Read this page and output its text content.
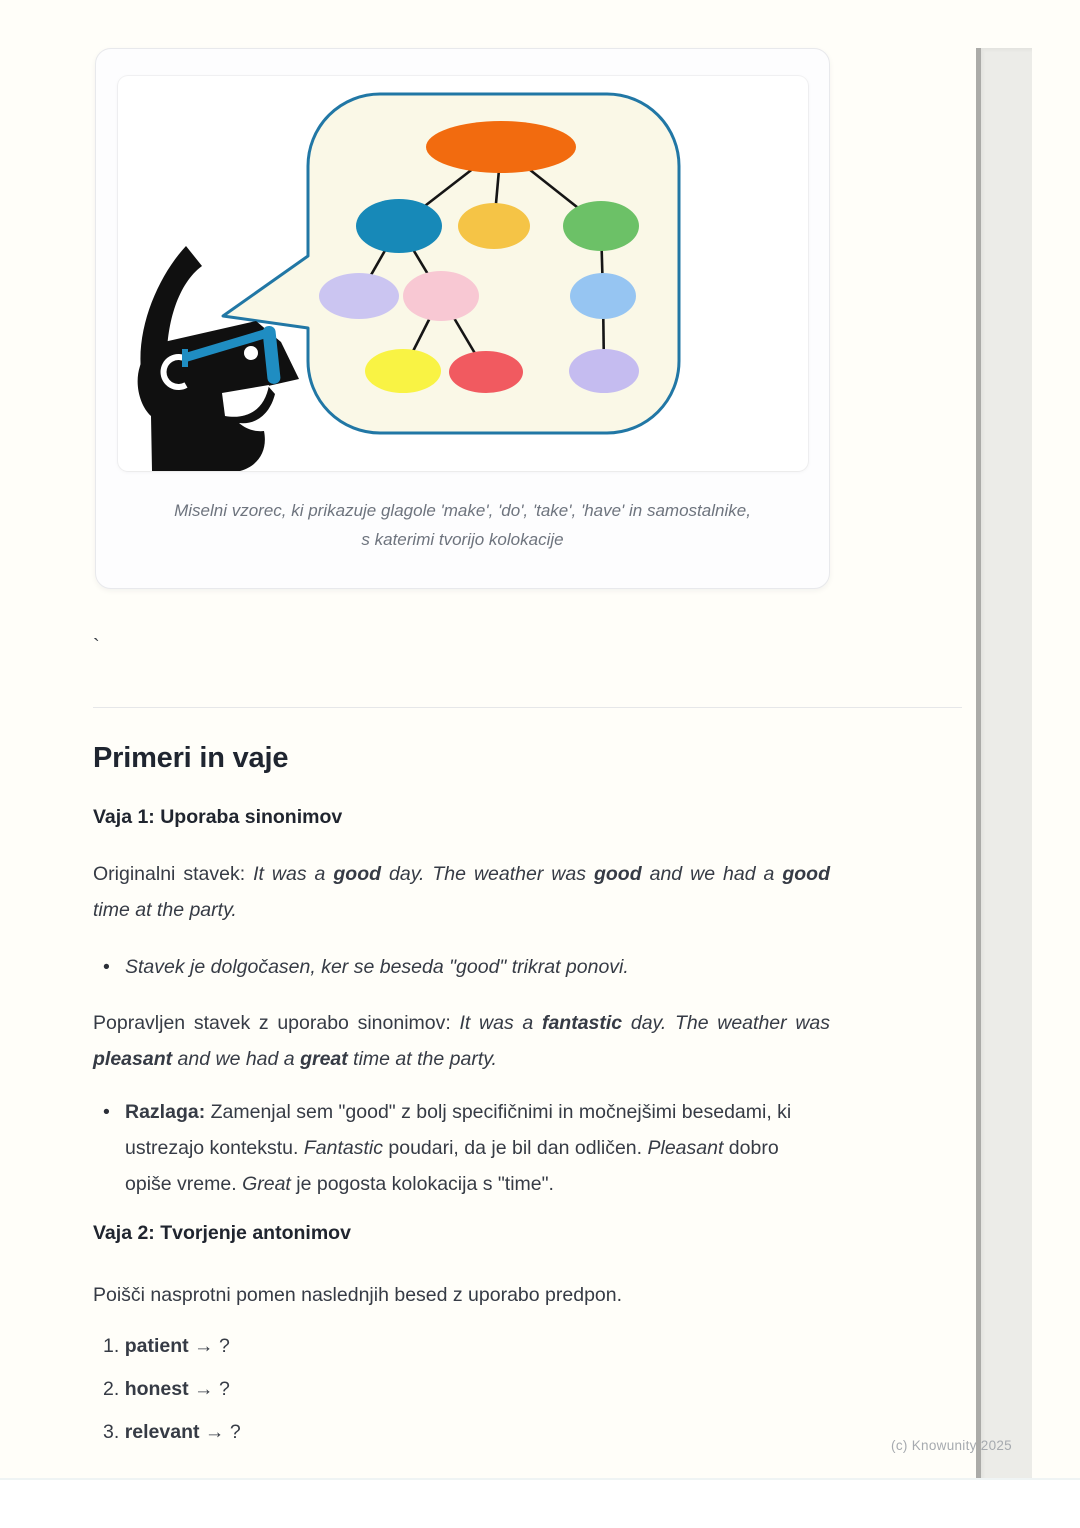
Miselni vzorec, ki prikazuje glagole 'make', 'do', 'take', 'have' in samostalnike,
s katerimi tvorijo kolokacije
`
Primeri in vaje
Vaja 1: Uporaba sinonimov

Originalni stavek: It was a good day. The weather was good and we had a good time at the party.

• Stavek je dolgočasen, ker se beseda "good" trikrat ponovi.

Popravljen stavek z uporabo sinonimov: It was a fantastic day. The weather was pleasant and we had a great time at the party.

• Razlaga: Zamenjal sem "good" z bolj specifičnimi in močnejšimi besedami, ki ustrezajo kontekstu. Fantastic poudari, da je bil dan odličen. Pleasant dobro opiše vreme. Great je pogosta kolokacija s "time".
Vaja 2: Tvorjenje antonimov

Poišči nasprotni pomen naslednjih besed z uporabo predpon.

1. patient → ?
2. honest → ?
3. relevant → ?
(c) Knowunity 2025
